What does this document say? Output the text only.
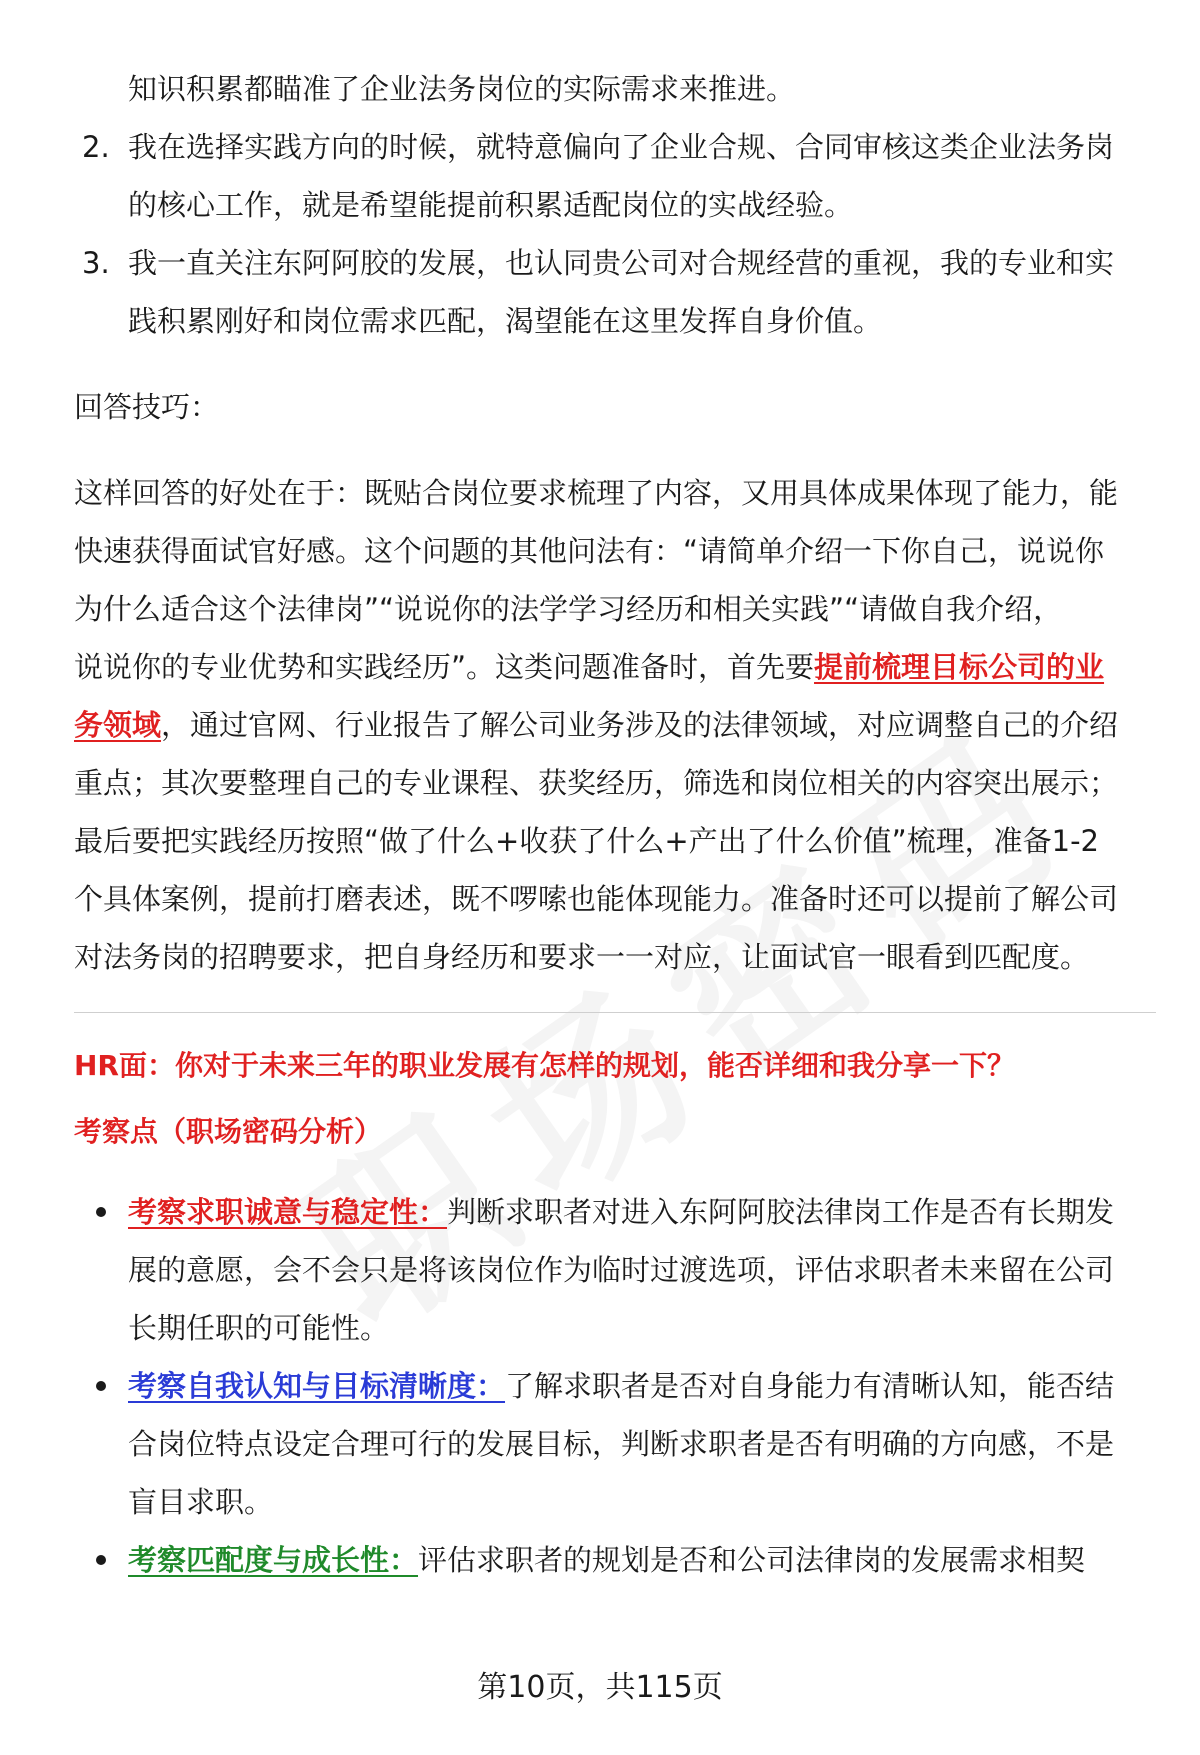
知识积累都瞄准了企业法务岗位的实际需求来推进。
2. 我在选择实践方向的时候，就特意偏向了企业合规、合同审核这类企业法务岗
的核心工作，就是希望能提前积累适配岗位的实战经验。
3. 我一直关注东阿阿胶的发展，也认同贵公司对合规经营的重视，我的专业和实
践积累刚好和岗位需求匹配，渴望能在这里发挥自身价值。
回答技巧：
这样回答的好处在于：既贴合岗位要求梳理了内容，又用具体成果体现了能力，能
快速获得面试官好感。这个问题的其他问法有：“请简单介绍一下你自己，说说你
为什么适合这个法律岗”“说说你的法学学习经历和相关实践”“请做自我介绍，
说说你的专业优势和实践经历”。这类问题准备时，首先要提前梳理目标公司的业
务领域，通过官网、行业报告了解公司业务涉及的法律领域，对应调整自己的介绍
重点；其次要整理自己的专业课程、获奖经历，筛选和岗位相关的内容突出展示；
最后要把实践经历按照“做了什么+收获了什么+产出了什么价值”梳理，准备1-2
个具体案例，提前打磨表述，既不啰嗦也能体现能力。准备时还可以提前了解公司
对法务岗的招聘要求，把自身经历和要求一一对应，让面试官一眼看到匹配度。
HR面：你对于未来三年的职业发展有怎样的规划，能否详细和我分享一下？
考察点（职场密码分析）
考察求职诚意与稳定性：判断求职者对进入东阿阿胶法律岗工作是否有长期发
展的意愿，会不会只是将该岗位作为临时过渡选项，评估求职者未来留在公司
长期任职的可能性。
考察自我认知与目标清晰度：了解求职者是否对自身能力有清晰认知，能否结
合岗位特点设定合理可行的发展目标，判断求职者是否有明确的方向感，不是
盲目求职。
考察匹配度与成长性：评估求职者的规划是否和公司法律岗的发展需求相契
第10页，共115页
